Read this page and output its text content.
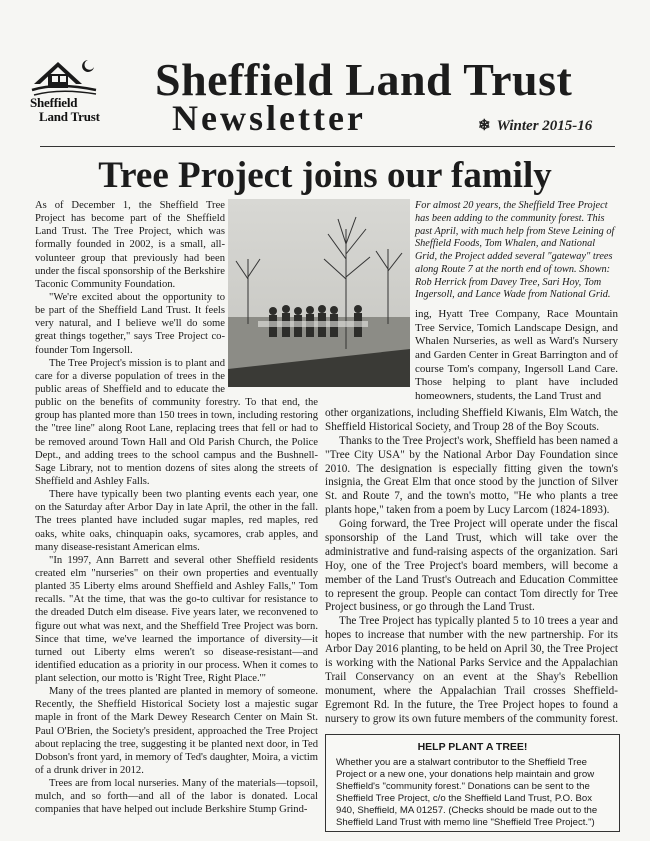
Sheffield
Land Trust
Sheffield Land Trust
Newsletter	❄ Winter 2015-16
Tree Project joins our family
For almost 20 years, the Sheffield Tree Project has been adding to the community forest. This past April, with much help from Steve Leining of Sheffield Foods, Tom Whalen, and National Grid, the Project added several "gateway" trees along Route 7 at the north end of town. Shown: Rob Herrick from Davey Tree, Sari Hoy, Tom Ingersoll, and Lance Wade from National Grid.

As of December 1, the Sheffield Tree Project has become part of the Sheffield Land Trust. The Tree Project, which was formally founded in 2002, is a small, all-volunteer group that previously had been under the fiscal sponsorship of the Berkshire Taconic Community Foundation.

"We're excited about the opportunity to be part of the Sheffield Land Trust. It feels very natural, and I believe we'll do some great things together," says Tree Project co-founder Tom Ingersoll.

The Tree Project's mission is to plant and care for a diverse population of trees in the public areas of Sheffield and to educate the public on the benefits of community forestry. To that end, the group has planted more than 150 trees in town, including restoring the "tree line" along Root Lane, replacing trees that fell or had to be removed around Town Hall and Old Parish Church, the Police Dept., and adding trees to the school campus and the Bushnell-Sage Library, not to mention dozens of sites along the streets of Sheffield and Ashley Falls.

There have typically been two planting events each year, one on the Saturday after Arbor Day in late April, the other in the fall. The trees planted have included sugar maples, red maples, red oaks, white oaks, chinquapin oaks, sycamores, crab apples, and many disease-resistant American elms.

"In 1997, Ann Barrett and several other Sheffield residents created elm "nurseries" on their own properties and eventually planted 35 Liberty elms around Sheffield and Ashley Falls," Tom recalls. "At the time, that was the go-to cultivar for resistance to the dreaded Dutch elm disease. Five years later, we reconvened to figure out what was next, and the Sheffield Tree Project was born. Since that time, we've learned the importance of diversity—it turned out Liberty elms weren't so disease-resistant—and identified education as a priority in our process. When it comes to plant selection, our motto is 'Right Tree, Right Place.'"

Many of the trees planted are planted in memory of someone. Recently, the Sheffield Historical Society lost a majestic sugar maple in front of the Mark Dewey Research Center on Main St. Paul O'Brien, the Society's president, approached the Tree Project about replacing the tree, suggesting it be planted next door, in Ted Dobson's front yard, in memory of Ted's daughter, Moira, a victim of a drunk driver in 2012.

Trees are from local nurseries. Many of the materials—topsoil, mulch, and so forth—and all of the labor is donated. Local companies that have helped out include Berkshire Stump Grind-

ing, Hyatt Tree Company, Race Mountain Tree Service, Tomich Landscape Design, and Whalen Nurseries, as well as Ward's Nursery and Garden Center in Great Barrington and of course Tom's company, Ingersoll Land Care. Those helping to plant have included homeowners, students, the Land Trust and

other organizations, including Sheffield Kiwanis, Elm Watch, the Sheffield Historical Society, and Troup 28 of the Boy Scouts.

Thanks to the Tree Project's work, Sheffield has been named a "Tree City USA" by the National Arbor Day Foundation since 2010. The designation is especially fitting given the town's insignia, the Great Elm that once stood by the junction of Silver St. and Route 7, and the town's motto, "He who plants a tree plants hope," taken from a poem by Lucy Larcom (1824-1893).

Going forward, the Tree Project will operate under the fiscal sponsorship of the Land Trust, which will take over the administrative and fund-raising aspects of the organization. Sari Hoy, one of the Tree Project's board members, will become a member of the Land Trust's Outreach and Education Committee to represent the group. People can contact Tom directly for Tree Project business, or go through the Land Trust.

The Tree Project has typically planted 5 to 10 trees a year and hopes to increase that number with the new partnership. For its Arbor Day 2016 planting, to be held on April 30, the Tree Project is working with the National Parks Service and the Appalachian Trail Conservancy on an event at the Shay's Rebellion monument, where the Appalachian Trail crosses Sheffield-Egremont Rd. In the future, the Tree Project hopes to found a nursery to grow its own future members of the community forest.

HELP PLANT A TREE!
Whether you are a stalwart contributor to the Sheffield Tree Project or a new one, your donations help maintain and grow Sheffield's "community forest." Donations can be sent to the Sheffield Tree Project, c/o the Sheffield Land Trust, P.O. Box 940, Sheffield, MA 01257. (Checks should be made out to the Sheffield Land Trust with memo line "Sheffield Tree Project.")
